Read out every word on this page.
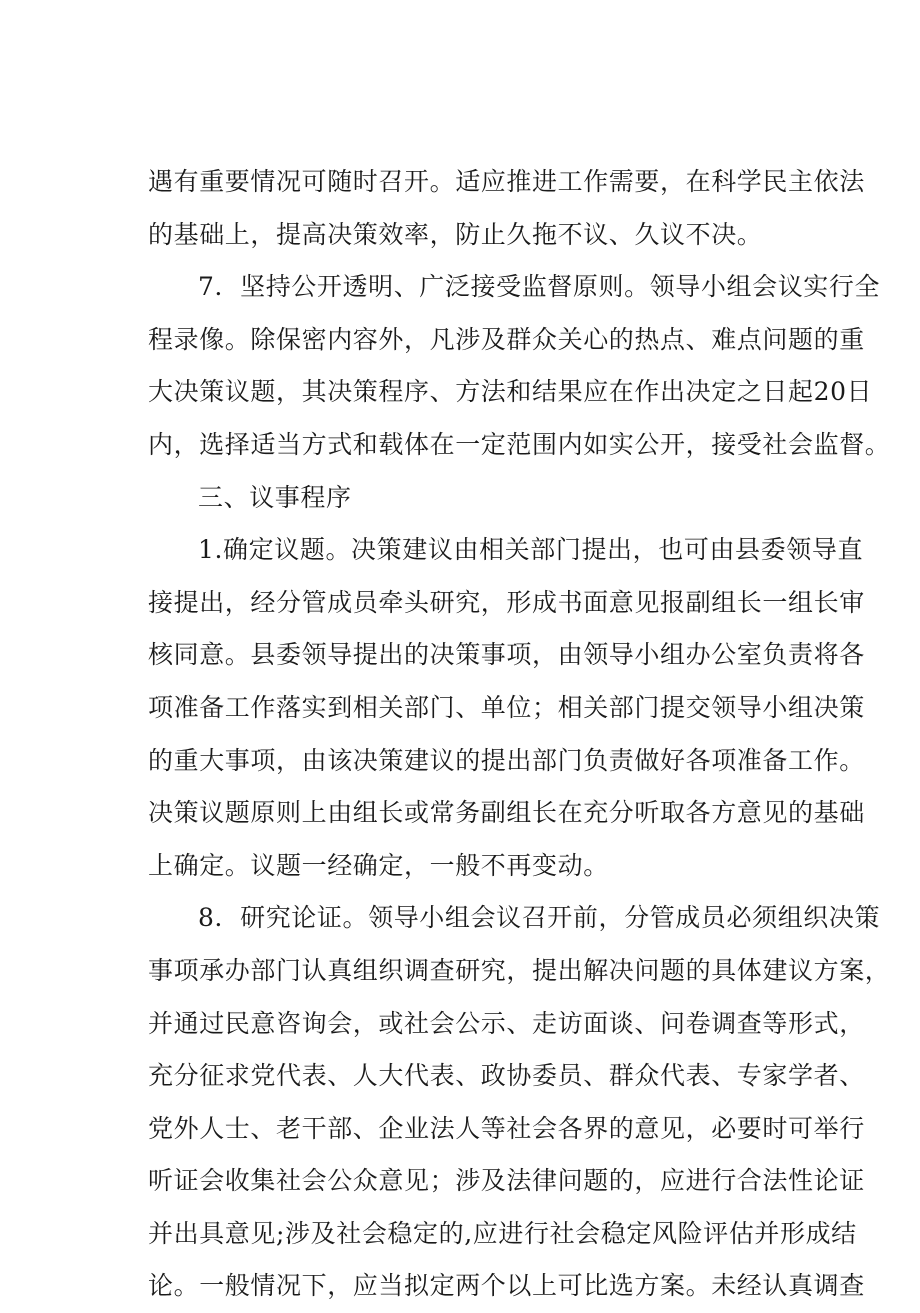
遇有重要情况可随时召开。适应推进工作需要，在科学民主依法
的基础上，提高决策效率，防止久拖不议、久议不决。
7．坚持公开透明、广泛接受监督原则。领导小组会议实行全
程录像。除保密内容外，凡涉及群众关心的热点、难点问题的重
大决策议题，其决策程序、方法和结果应在作出决定之日起20日
内，选择适当方式和载体在一定范围内如实公开，接受社会监督。
三、议事程序
1.确定议题。决策建议由相关部门提出，也可由县委领导直
接提出，经分管成员牵头研究，形成书面意见报副组长一组长审
核同意。县委领导提出的决策事项，由领导小组办公室负责将各
项准备工作落实到相关部门、单位；相关部门提交领导小组决策
的重大事项，由该决策建议的提出部门负责做好各项准备工作。
决策议题原则上由组长或常务副组长在充分听取各方意见的基础
上确定。议题一经确定，一般不再变动。
8．研究论证。领导小组会议召开前，分管成员必须组织决策
事项承办部门认真组织调查研究，提出解决问题的具体建议方案，
并通过民意咨询会，或社会公示、走访面谈、问卷调查等形式，
充分征求党代表、人大代表、政协委员、群众代表、专家学者、
党外人士、老干部、企业法人等社会各界的意见，必要时可举行
听证会收集社会公众意见；涉及法律问题的，应进行合法性论证
并出具意见;涉及社会稳定的,应进行社会稳定风险评估并形成结
论。一般情况下，应当拟定两个以上可比选方案。未经认真调查
